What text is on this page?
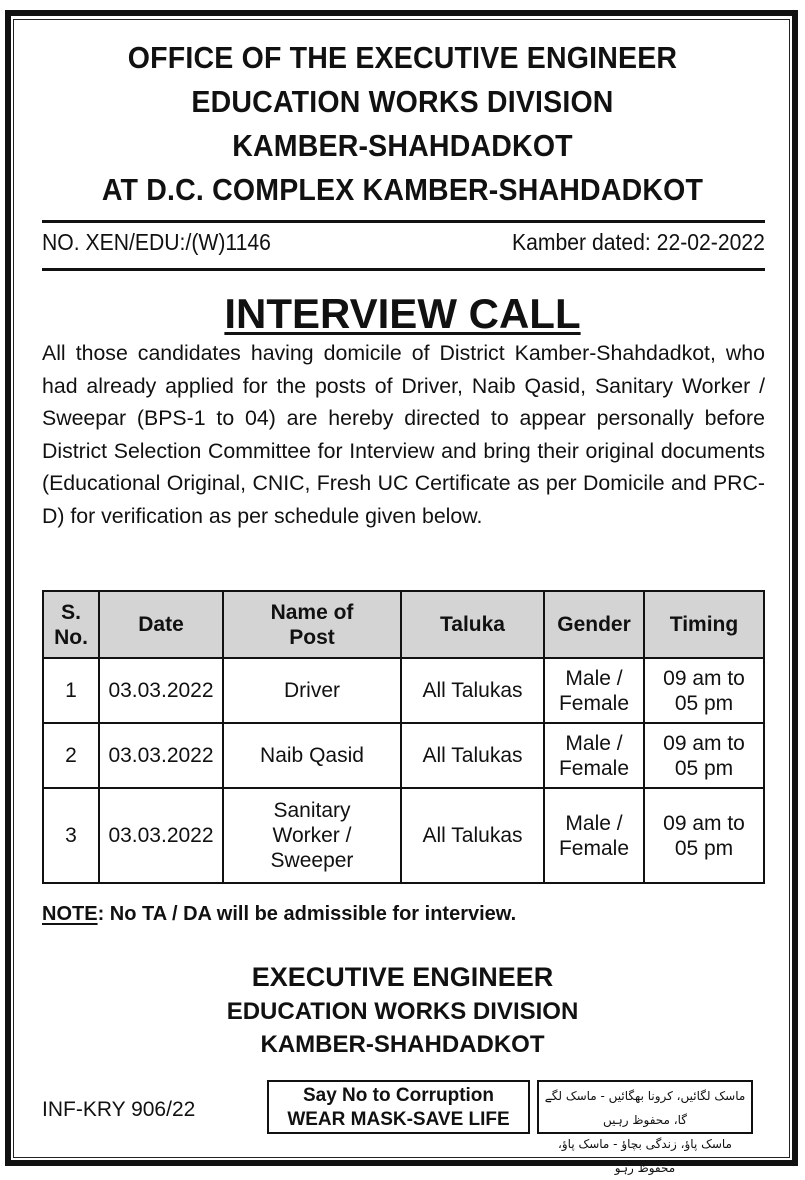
OFFICE OF THE EXECUTIVE ENGINEER
EDUCATION WORKS DIVISION
KAMBER-SHAHDADKOT
AT D.C. COMPLEX KAMBER-SHAHDADKOT
NO. XEN/EDU:/(W)1146	Kamber dated: 22-02-2022
INTERVIEW CALL
All those candidates having domicile of District Kamber-Shahdadkot, who had already applied for the posts of Driver, Naib Qasid, Sanitary Worker / Sweepar (BPS-1 to 04) are hereby directed to appear personally before District Selection Committee for Interview and bring their original documents (Educational Original, CNIC, Fresh UC Certificate as per Domicile and PRC-D) for verification as per schedule given below.
S. No.	Date	Name of Post	Taluka	Gender	Timing
1	03.03.2022	Driver	All Talukas	Male / Female	09 am to 05 pm
2	03.03.2022	Naib Qasid	All Talukas	Male / Female	09 am to 05 pm
3	03.03.2022	Sanitary Worker / Sweeper	All Talukas	Male / Female	09 am to 05 pm
NOTE: No TA / DA will be admissible for interview.
EXECUTIVE ENGINEER
EDUCATION WORKS DIVISION
KAMBER-SHAHDADKOT
INF-KRY 906/22
Say No to Corruption
WEAR MASK-SAVE LIFE
ماسک لگائیں، کرونا بھگائیں - ماسک لگے گا، محفوظ رہیں
ماسک پاؤ، زندگی بچاؤ - ماسک پاؤ، محفوظ رہو
